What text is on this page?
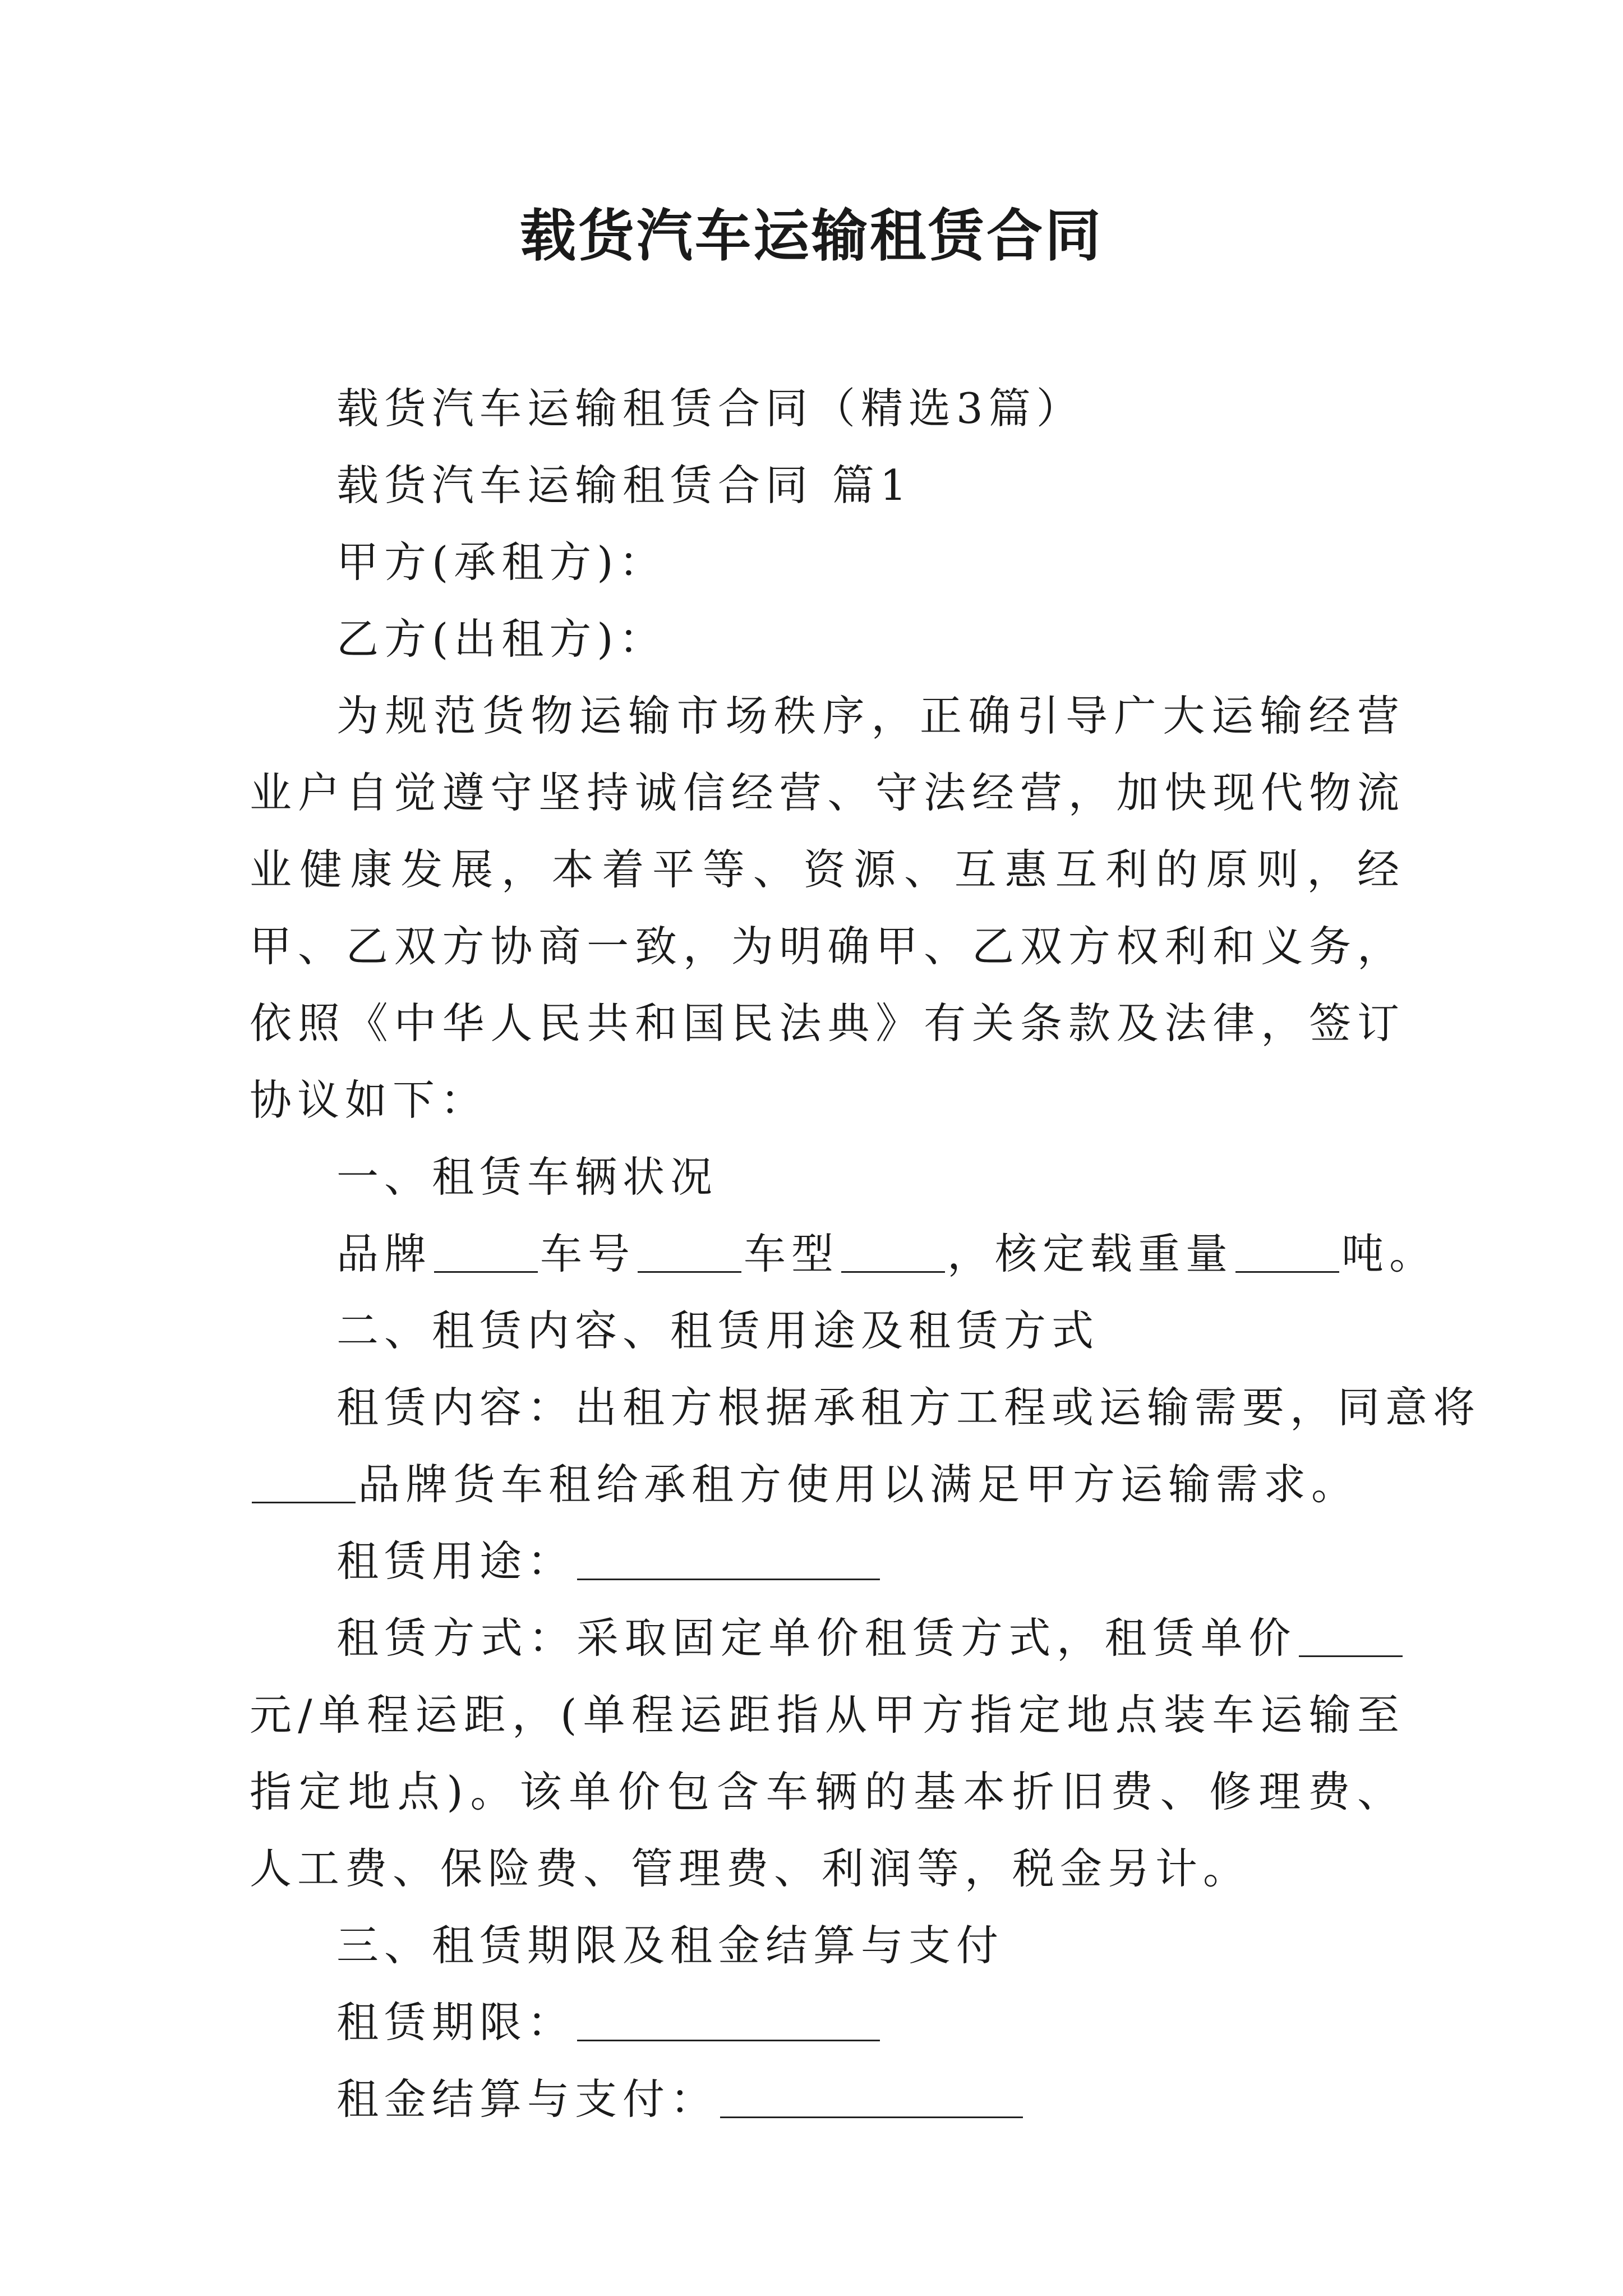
载货汽车运输租赁合同

载货汽车运输租赁合同（精选3篇）

载货汽车运输租赁合同 篇1

甲方(承租方)：

乙方(出租方)：

为规范货物运输市场秩序，正确引导广大运输经营业户自觉遵守坚持诚信经营、守法经营，加快现代物流业健康发展，本着平等、资源、互惠互利的原则，经甲、乙双方协商一致，为明确甲、乙双方权利和义务，依照《中华人民共和国民法典》有关条款及法律，签订协议如下：

一、租赁车辆状况

品牌	车号	车型	，核定载重量	吨。

二、租赁内容、租赁用途及租赁方式

租赁内容：出租方根据承租方工程或运输需要，同意将

品牌货车租给承租方使用以满足甲方运输需求。

租赁用途：

租赁方式：采取固定单价租赁方式，租赁单价元/单程运距，(单程运距指从甲方指定地点装车运输至指定地点)。该单价包含车辆的基本折旧费、修理费、人工费、保险费、管理费、利润等，税金另计。

三、租赁期限及租金结算与支付

租赁期限：

租金结算与支付：
